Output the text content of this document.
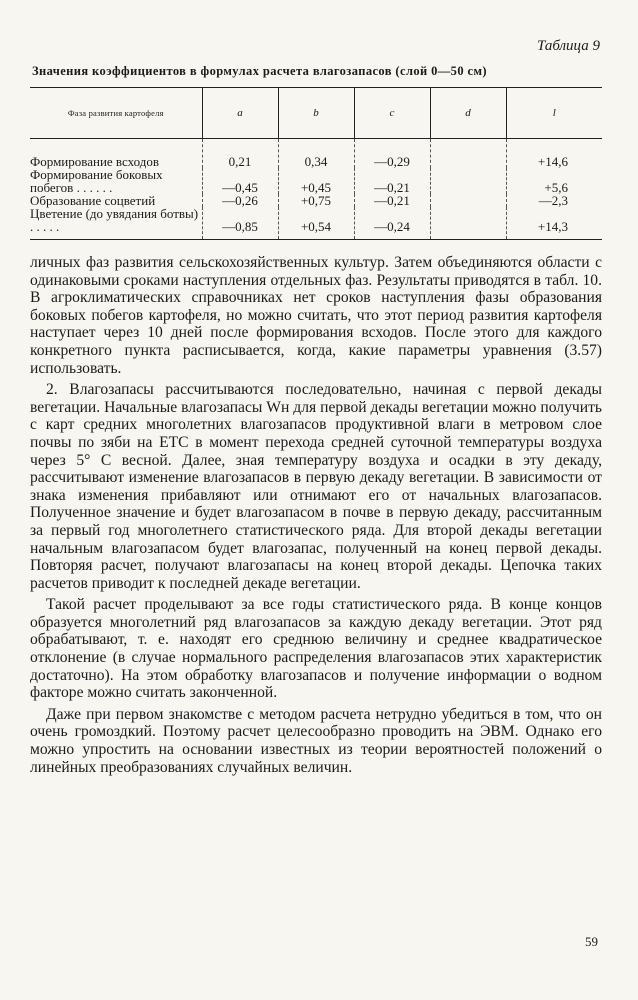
Таблица 9
Значения коэффициентов в формулах расчета влагозапасов (слой 0—50 см)
Фаза развития картофеля	a	b	c	d	l
Формирование всходов	0,21	0,34	—0,29		+14,6
Формирование боковых побегов . . . . . .	—0,45	+0,45	—0,21		+5,6
Образование соцветий	—0,26	+0,75	—0,21		—2,3
Цветение (до увядания ботвы) . . . . .	—0,85	+0,54	—0,24		+14,3

личных фаз развития сельскохозяйственных культур. Затем объединяются области с одинаковыми сроками наступления отдельных фаз. Результаты приводятся в табл. 10. В агроклиматических справочниках нет сроков наступления фазы образования боковых побегов картофеля, но можно считать, что этот период развития картофеля наступает через 10 дней после формирования всходов. После этого для каждого конкретного пункта расписывается, когда, какие параметры уравнения (3.57) использовать.

2. Влагозапасы рассчитываются последовательно, начиная с первой декады вегетации. Начальные влагозапасы Wн для первой декады вегетации можно получить с карт средних многолетних влагозапасов продуктивной влаги в метровом слое почвы по зяби на ЕТС в момент перехода средней суточной температуры воздуха через 5° С весной. Далее, зная температуру воздуха и осадки в эту декаду, рассчитывают изменение влагозапасов в первую декаду вегетации. В зависимости от знака изменения прибавляют или отнимают его от начальных влагозапасов. Полученное значение и будет влагозапасом в почве в первую декаду, рассчитанным за первый год многолетнего статистического ряда. Для второй декады вегетации начальным влагозапасом будет влагозапас, полученный на конец первой декады. Повторяя расчет, получают влагозапасы на конец второй декады. Цепочка таких расчетов приводит к последней декаде вегетации.

Такой расчет проделывают за все годы статистического ряда. В конце концов образуется многолетний ряд влагозапасов за каждую декаду вегетации. Этот ряд обрабатывают, т. е. находят его среднюю величину и среднее квадратическое отклонение (в случае нормального распределения влагозапасов этих характеристик достаточно). На этом обработку влагозапасов и получение информации о водном факторе можно считать законченной.

Даже при первом знакомстве с методом расчета нетрудно убедиться в том, что он очень громоздкий. Поэтому расчет целесообразно проводить на ЭВМ. Однако его можно упростить на основании известных из теории вероятностей положений о линейных преобразованиях случайных величин.

59
